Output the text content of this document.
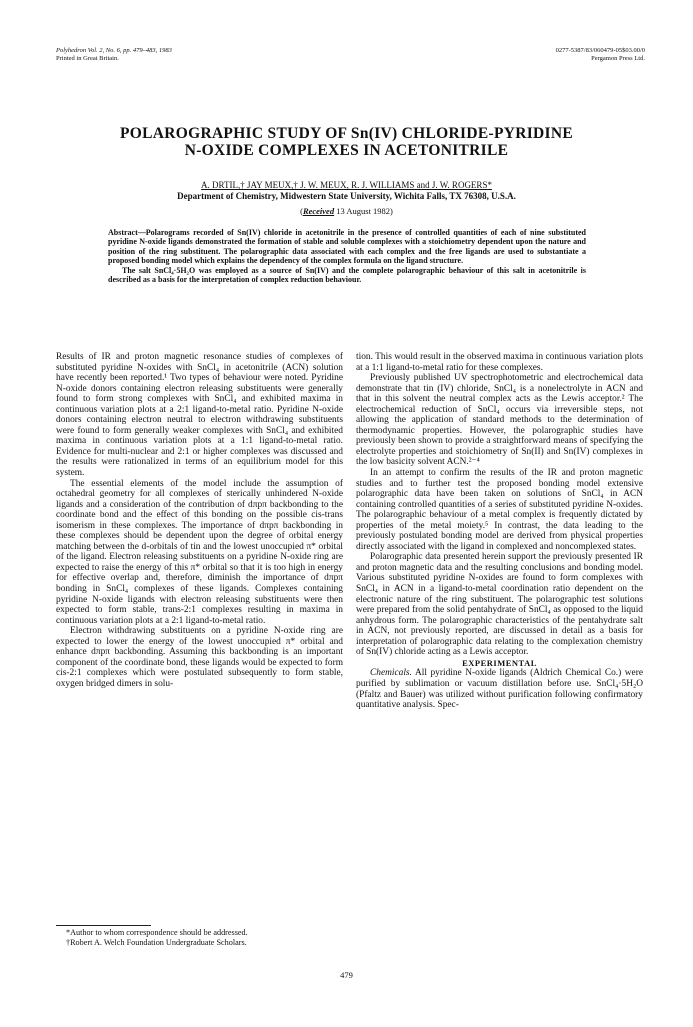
Polyhedron Vol. 2, No. 6, pp. 479–483, 1983
Printed in Great Britain.
0277-5387/83/060479-05$03.00/0
Pergamon Press Ltd.
POLAROGRAPHIC STUDY OF Sn(IV) CHLORIDE-PYRIDINE
N-OXIDE COMPLEXES IN ACETONITRILE
A. DRTIL,† JAY MEUX,† J. W. MEUX, R. J. WILLIAMS and J. W. ROGERS*
Department of Chemistry, Midwestern State University, Wichita Falls, TX 76308, U.S.A.
(Received 13 August 1982)

Abstract—Polarograms recorded of Sn(IV) chloride in acetonitrile in the presence of controlled quantities of each of nine substituted pyridine N-oxide ligands demonstrated the formation of stable and soluble complexes with a stoichiometry dependent upon the nature and position of the ring substituent. The polarographic data associated with each complex and the free ligands are used to substantiate a proposed bonding model which explains the dependency of the complex formula on the ligand structure.

The salt SnCl₄·5H₂O was employed as a source of Sn(IV) and the complete polarographic behaviour of this salt in acetonitrile is described as a basis for the interpretation of complex reduction behaviour.

Results of IR and proton magnetic resonance studies of complexes of substituted pyridine N-oxides with SnCl₄ in acetonitrile (ACN) solution have recently been reported.¹ Two types of behaviour were noted. Pyridine N-oxide donors containing electron releasing substituents were generally found to form strong complexes with SnCl₄ and exhibited maxima in continuous variation plots at a 2:1 ligand-to-metal ratio. Pyridine N-oxide donors containing electron neutral to electron withdrawing substituents were found to form generally weaker complexes with SnCl₄ and exhibited maxima in continuous variation plots at a 1:1 ligand-to-metal ratio. Evidence for multi-nuclear and 2:1 or higher complexes was discussed and the results were rationalized in terms of an equilibrium model for this system.

The essential elements of the model include the assumption of octahedral geometry for all complexes of sterically unhindered N-oxide ligands and a consideration of the contribution of dπpπ backbonding to the coordinate bond and the effect of this bonding on the possible cis-trans isomerism in these complexes. The importance of dπpπ backbonding in these complexes should be dependent upon the degree of orbital energy matching between the d-orbitals of tin and the lowest unoccupied π* orbital of the ligand. Electron releasing substituents on a pyridine N-oxide ring are expected to raise the energy of this π* orbital so that it is too high in energy for effective overlap and, therefore, diminish the importance of dπpπ bonding in SnCl₄ complexes of these ligands. Complexes containing pyridine N-oxide ligands with electron releasing substituents were then expected to form stable, trans-2:1 complexes resulting in maxima in continuous variation plots at a 2:1 ligand-to-metal ratio.

Electron withdrawing substituents on a pyridine N-oxide ring are expected to lower the energy of the lowest unoccupied π* orbital and enhance dπpπ backbonding. Assuming this backbonding is an important component of the coordinate bond, these ligands would be expected to form cis-2:1 complexes which were postulated subsequently to form stable, oxygen bridged dimers in solu-

tion. This would result in the observed maxima in continuous variation plots at a 1:1 ligand-to-metal ratio for these complexes.

Previously published UV spectrophotometric and electrochemical data demonstrate that tin (IV) chloride, SnCl₄ is a nonelectrolyte in ACN and that in this solvent the neutral complex acts as the Lewis acceptor.² The electrochemical reduction of SnCl₄ occurs via irreversible steps, not allowing the application of standard methods to the determination of thermodynamic properties. However, the polarographic studies have previously been shown to provide a straightforward means of specifying the electrolyte properties and stoichiometry of Sn(II) and Sn(IV) complexes in the low basicity solvent ACN.²⁻⁴

In an attempt to confirm the results of the IR and proton magnetic studies and to further test the proposed bonding model extensive polarographic data have been taken on solutions of SnCl₄ in ACN containing controlled quantities of a series of substituted pyridine N-oxides. The polarographic behaviour of a metal complex is frequently dictated by properties of the metal moiety.⁵ In contrast, the data leading to the previously postulated bonding model are derived from physical properties directly associated with the ligand in complexed and noncomplexed states.

Polarographic data presented herein support the previously presented IR and proton magnetic data and the resulting conclusions and bonding model. Various substituted pyridine N-oxides are found to form complexes with SnCl₄ in ACN in a ligand-to-metal coordination ratio dependent on the electronic nature of the ring substituent. The polarographic test solutions were prepared from the solid pentahydrate of SnCl₄ as opposed to the liquid anhydrous form. The polarographic characteristics of the pentahydrate salt in ACN, not previously reported, are discussed in detail as a basis for interpretation of polarographic data relating to the complexation chemistry of Sn(IV) chloride acting as a Lewis acceptor.

EXPERIMENTAL

Chemicals. All pyridine N-oxide ligands (Aldrich Chemical Co.) were purified by sublimation or vacuum distillation before use. SnCl₄·5H₂O (Pfaltz and Bauer) was utilized without purification following confirmatory quantitative analysis. Spec-

*Author to whom correspondence should be addressed.
†Robert A. Welch Foundation Undergraduate Scholars.
479
